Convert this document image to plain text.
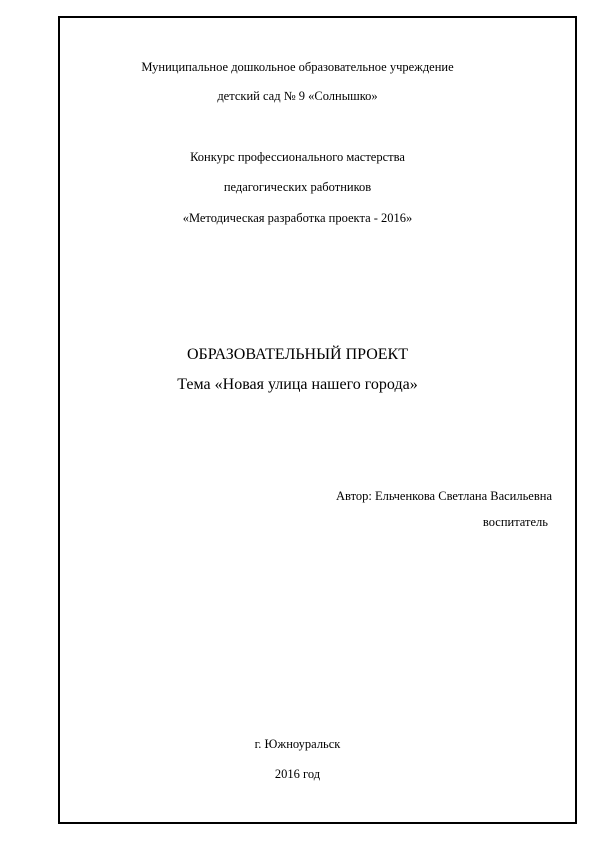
Муниципальное дошкольное образовательное учреждение
детский сад № 9 «Солнышко»
Конкурс профессионального мастерства
педагогических работников
«Методическая разработка проекта - 2016»
ОБРАЗОВАТЕЛЬНЫЙ ПРОЕКТ
Тема «Новая улица нашего города»
Автор: Ельченкова Светлана Васильевна
воспитатель
г. Южноуральск
2016 год
